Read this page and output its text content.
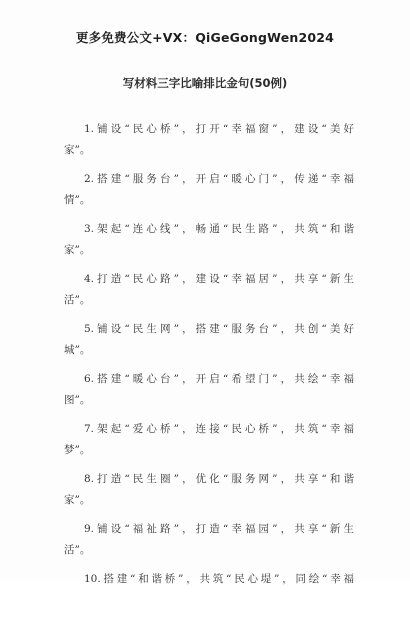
更多免费公文+VX：QiGeGongWen2024
写材料三字比喻排比金句(50例)
1.铺设“民心桥”，打开“幸福窗”，建设“美好
家”。
2.搭建“服务台”，开启“暖心门”，传递“幸福
情”。
3.架起“连心线”，畅通“民生路”，共筑“和谐
家”。
4.打造“民心路”，建设“幸福居”，共享“新生
活”。
5.铺设“民生网”，搭建“服务台”，共创“美好
城”。
6.搭建“暖心台”，开启“希望门”，共绘“幸福
图”。
7.架起“爱心桥”，连接“民心桥”，共筑“幸福
梦”。
8.打造“民生圈”，优化“服务网”，共享“和谐
家”。
9.铺设“福祉路”，打造“幸福园”，共享“新生
活”。
10.搭建“和谐桥”，共筑“民心堤”，同绘“幸福
